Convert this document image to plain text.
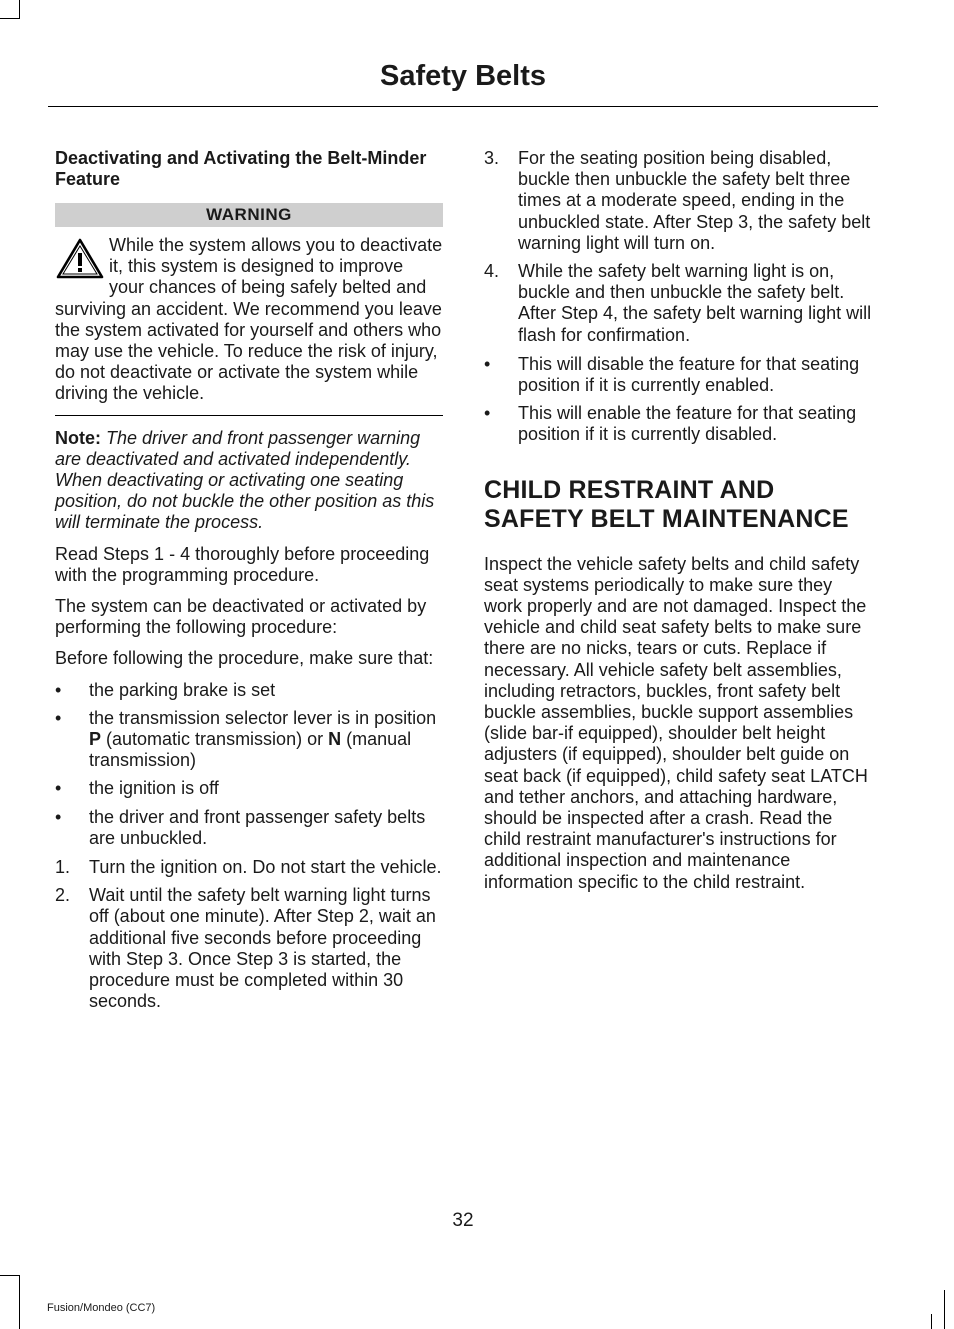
Safety Belts
Deactivating and Activating the Belt-Minder Feature
WARNING

While the system allows you to deactivate it, this system is designed to improve your chances of being safely belted and surviving an accident. We recommend you leave the system activated for yourself and others who may use the vehicle. To reduce the risk of injury, do not deactivate or activate the system while driving the vehicle.

Note: The driver and front passenger warning are deactivated and activated independently. When deactivating or activating one seating position, do not buckle the other position as this will terminate the process.

Read Steps 1 - 4 thoroughly before proceeding with the programming procedure.

The system can be deactivated or activated by performing the following procedure:

Before following the procedure, make sure that:

•	the parking brake is set
•	the transmission selector lever is in position P (automatic transmission) or N (manual transmission)
•	the ignition is off
•	the driver and front passenger safety belts are unbuckled.
1.	Turn the ignition on. Do not start the vehicle.
2.	Wait until the safety belt warning light turns off (about one minute). After Step 2, wait an additional five seconds before proceeding with Step 3. Once Step 3 is started, the procedure must be completed within 30 seconds.
3.	For the seating position being disabled, buckle then unbuckle the safety belt three times at a moderate speed, ending in the unbuckled state. After Step 3, the safety belt warning light will turn on.
4.	While the safety belt warning light is on, buckle and then unbuckle the safety belt. After Step 4, the safety belt warning light will flash for confirmation.
•	This will disable the feature for that seating position if it is currently enabled.
•	This will enable the feature for that seating position if it is currently disabled.
CHILD RESTRAINT AND SAFETY BELT MAINTENANCE

Inspect the vehicle safety belts and child safety seat systems periodically to make sure they work properly and are not damaged. Inspect the vehicle and child seat safety belts to make sure there are no nicks, tears or cuts. Replace if necessary. All vehicle safety belt assemblies, including retractors, buckles, front safety belt buckle assemblies, buckle support assemblies (slide bar-if equipped), shoulder belt height adjusters (if equipped), shoulder belt guide on seat back (if equipped), child safety seat LATCH and tether anchors, and attaching hardware, should be inspected after a crash. Read the child restraint manufacturer's instructions for additional inspection and maintenance information specific to the child restraint.

32
Fusion/Mondeo (CC7)
